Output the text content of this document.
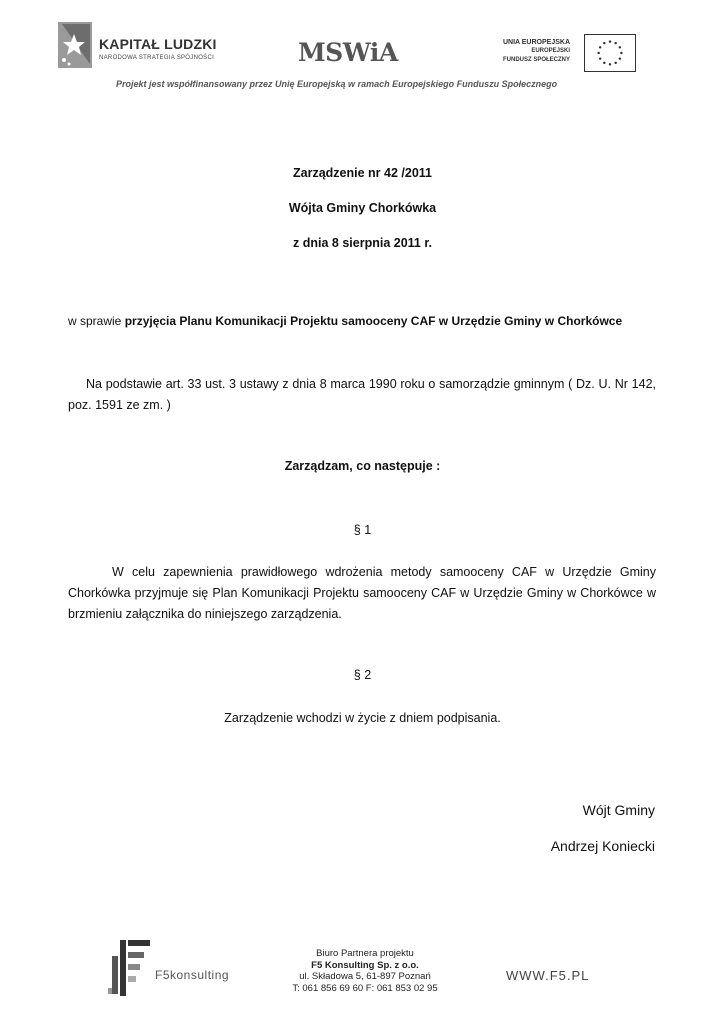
KAPITAŁ LUDZKI
NARODOWA STRATEGIA SPÓJNOŚCI	MSWiA	UNIA EUROPEJSKA
EUROPEJSKI
FUNDUSZ SPOŁECZNY
Projekt jest współfinansowany przez Unię Europejską w ramach Europejskiego Funduszu Społecznego
Zarządzenie nr 42 /2011
Wójta Gminy Chorkówka
z dnia 8 sierpnia 2011 r.
w sprawie przyjęcia Planu Komunikacji Projektu samooceny CAF w Urzędzie Gminy w Chorkówce
Na podstawie art. 33 ust. 3 ustawy z dnia 8 marca 1990 roku o samorządzie gminnym ( Dz. U. Nr 142, poz. 1591 ze zm. )
Zarządzam, co następuje :
§ 1
W celu zapewnienia prawidłowego wdrożenia metody samooceny CAF w Urzędzie Gminy Chorkówka przyjmuje się Plan Komunikacji Projektu samooceny CAF w Urzędzie Gminy w Chorkówce w brzmieniu załącznika do niniejszego zarządzenia.
§ 2
Zarządzenie wchodzi w życie z dniem podpisania.
Wójt Gminy
Andrzej Koniecki
F5konsulting
Biuro Partnera projektu
F5 Konsulting Sp. z o.o.
ul. Składowa 5, 61-897 Poznań
T: 061 856 69 60 F: 061 853 02 95
WWW.F5.PL
